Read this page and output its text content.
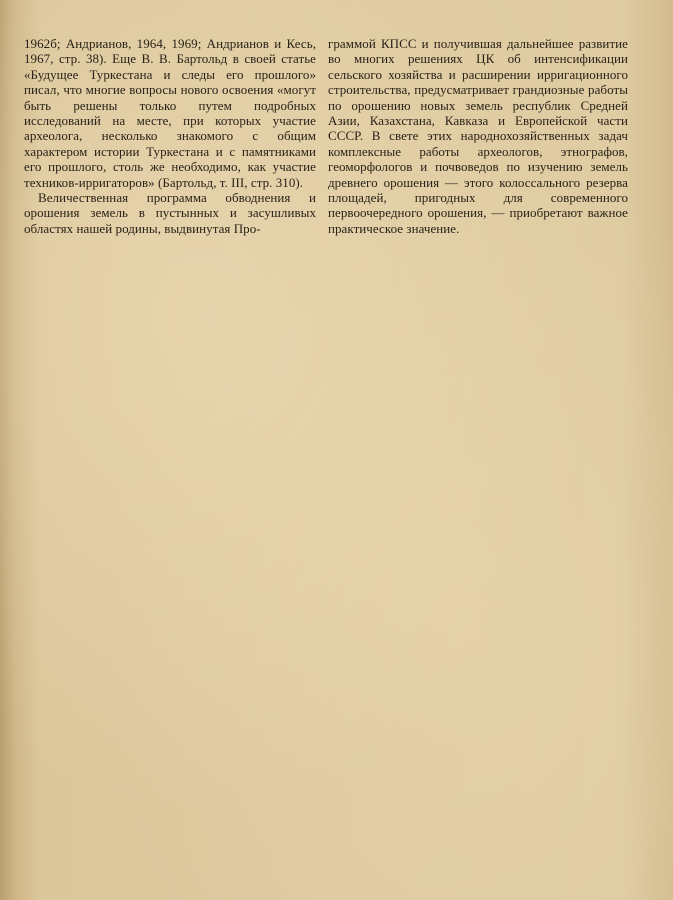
1962б; Андрианов, 1964, 1969; Андрианов и Кесь, 1967, стр. 38). Еще В. В. Бартольд в своей статье «Будущее Туркестана и следы его прошлого» писал, что многие вопросы нового освоения «могут быть решены только путем подробных исследований на месте, при которых участие археолога, несколько знакомого с общим характером истории Туркестана и с памятниками его прошлого, столь же необходимо, как участие техников-ирригаторов» (Бартольд, т. III, стр. 310).

Величественная программа обводнения и орошения земель в пустынных и засушливых областях нашей родины, выдвинутая Про-

граммой КПСС и получившая дальнейшее развитие во многих решениях ЦК об интенсификации сельского хозяйства и расширении ирригационного строительства, предусматривает грандиозные работы по орошению новых земель республик Средней Азии, Казахстана, Кавказа и Европейской части СССР. В свете этих народнохозяйственных задач комплексные работы археологов, этнографов, геоморфологов и почвоведов по изучению земель древнего орошения — этого колоссального резерва площадей, пригодных для современного первоочередного орошения, — приобретают важное практическое значение.
